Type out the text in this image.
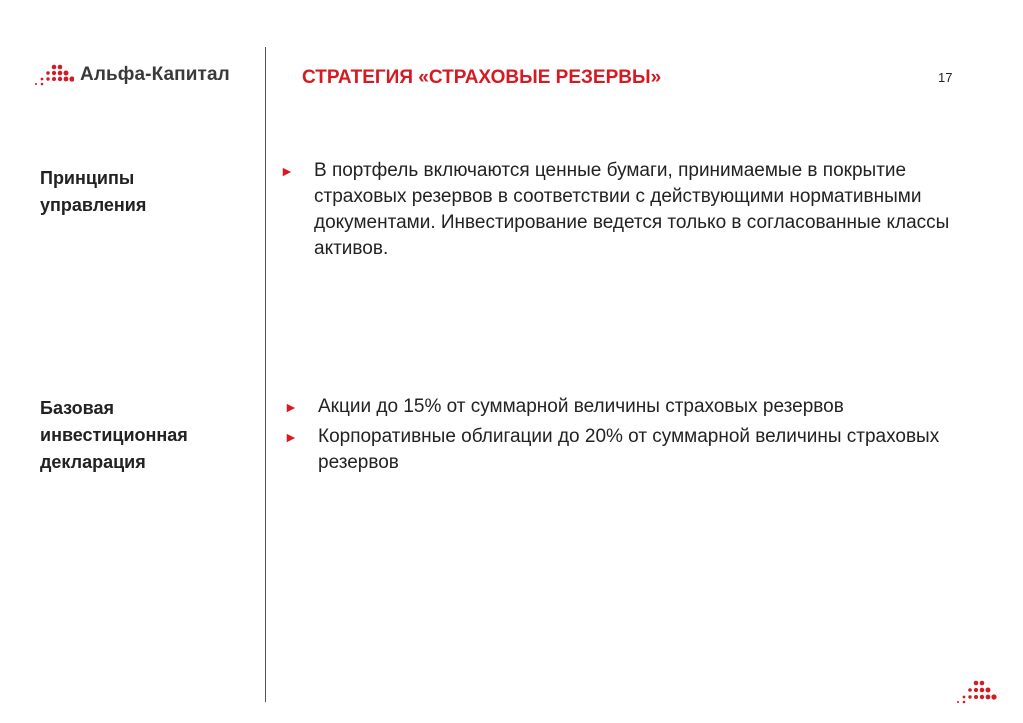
Альфа-Капитал	СТРАТЕГИЯ «СТРАХОВЫЕ РЕЗЕРВЫ»	17
Принципы управления
► В портфель включаются ценные бумаги, принимаемые в покрытие страховых резервов в соответствии с действующими нормативными документами. Инвестирование ведется только в согласованные классы активов.
Базовая инвестиционная декларация
► Акции до 15% от суммарной величины страховых резервов
► Корпоративные облигации до 20% от суммарной величины страховых резервов
